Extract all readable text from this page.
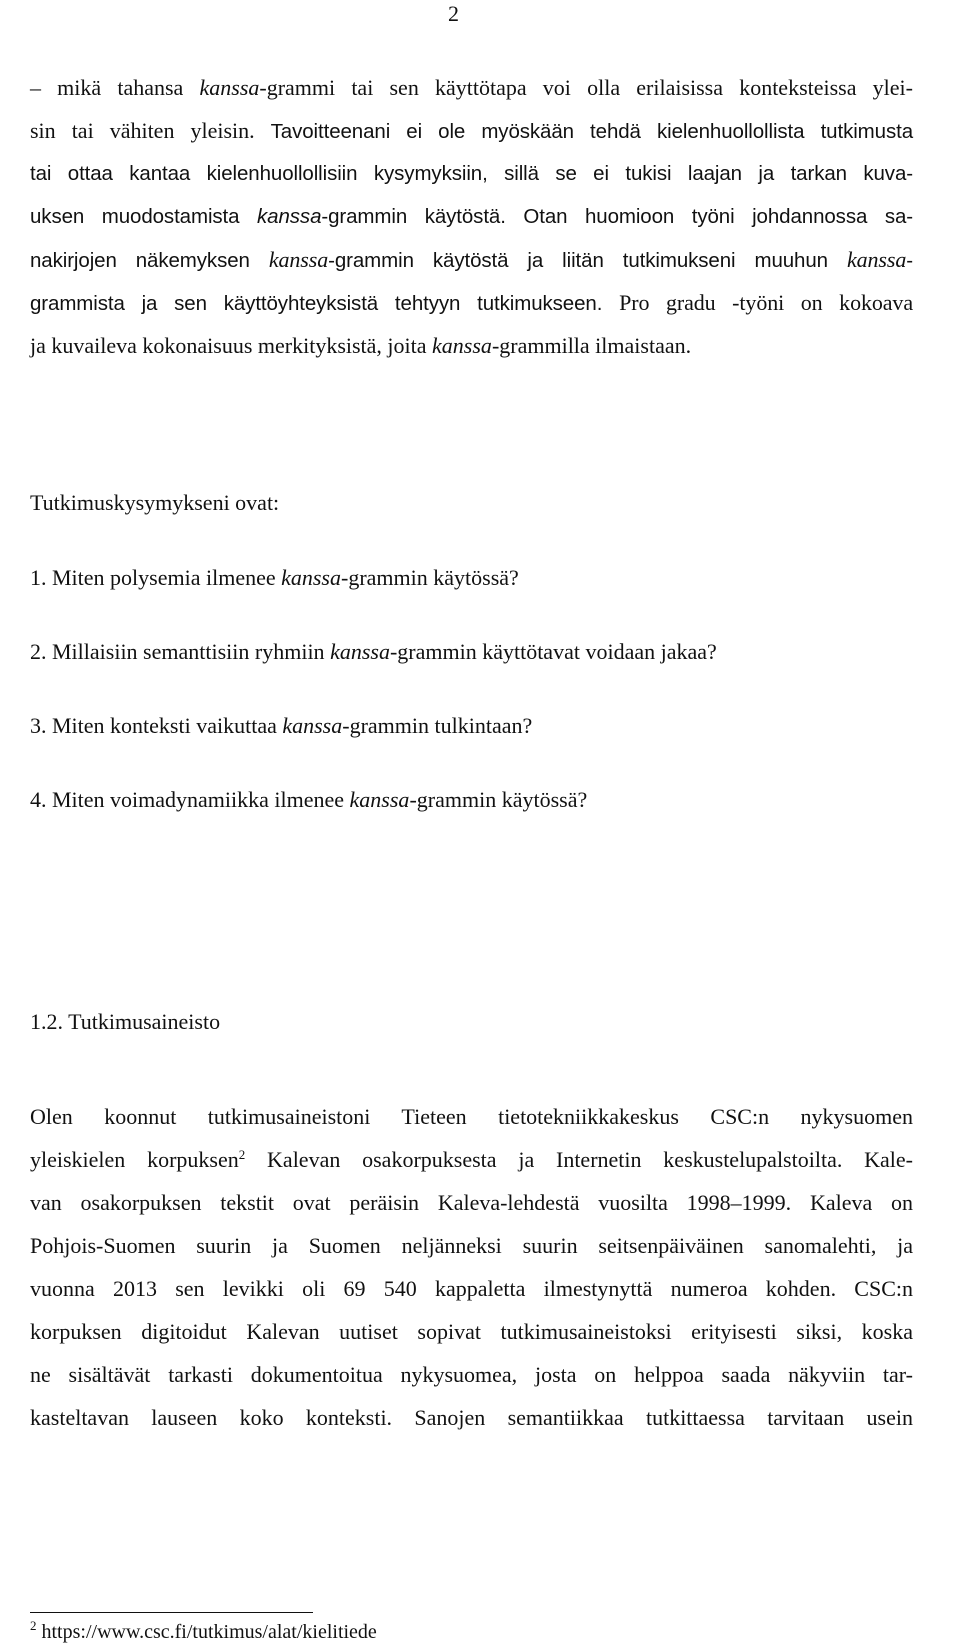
2
– mikä tahansa kanssa-grammi tai sen käyttötapa voi olla erilaisissa konteksteissa ylei-
sin tai vähiten yleisin. Tavoitteenani ei ole myöskään tehdä kielenhuollollista tutkimusta
tai ottaa kantaa kielenhuollollisiin kysymyksiin, sillä se ei tukisi laajan ja tarkan kuva-
uksen muodostamista kanssa-grammin käytöstä. Otan huomioon työni johdannossa sa-
nakirjojen näkemyksen kanssa-grammin käytöstä ja liitän tutkimukseni muuhun kanssa-
grammista ja sen käyttöyhteyksistä tehtyyn tutkimukseen. Pro gradu -työni on kokoava
ja kuvaileva kokonaisuus merkityksistä, joita kanssa-grammilla ilmaistaan.
Tutkimuskysymykseni ovat:
1. Miten polysemia ilmenee kanssa-grammin käytössä?
2. Millaisiin semanttisiin ryhmiin kanssa-grammin käyttötavat voidaan jakaa?
3. Miten konteksti vaikuttaa kanssa-grammin tulkintaan?
4. Miten voimadynamiikka ilmenee kanssa-grammin käytössä?
1.2. Tutkimusaineisto
Olen koonnut tutkimusaineistoni Tieteen tietotekniikkakeskus CSC:n nykysuomen
yleiskielen korpuksen$^2$ Kalevan osakorpuksesta ja Internetin keskustelupalstoilta. Kale-
van osakorpuksen tekstit ovat peräisin Kaleva-lehdestä vuosilta 1998–1999. Kaleva on
Pohjois-Suomen suurin ja Suomen neljänneksi suurin seitsenpäiväinen sanomalehti, ja
vuonna 2013 sen levikki oli 69 540 kappaletta ilmestynyttä numeroa kohden. CSC:n
korpuksen digitoidut Kalevan uutiset sopivat tutkimusaineistoksi erityisesti siksi, koska
ne sisältävät tarkasti dokumentoitua nykysuomea, josta on helppoa saada näkyviin tar-
kasteltavan lauseen koko konteksti. Sanojen semantiikkaa tutkittaessa tarvitaan usein
$^2$ https://www.csc.fi/tutkimus/alat/kielitiede
